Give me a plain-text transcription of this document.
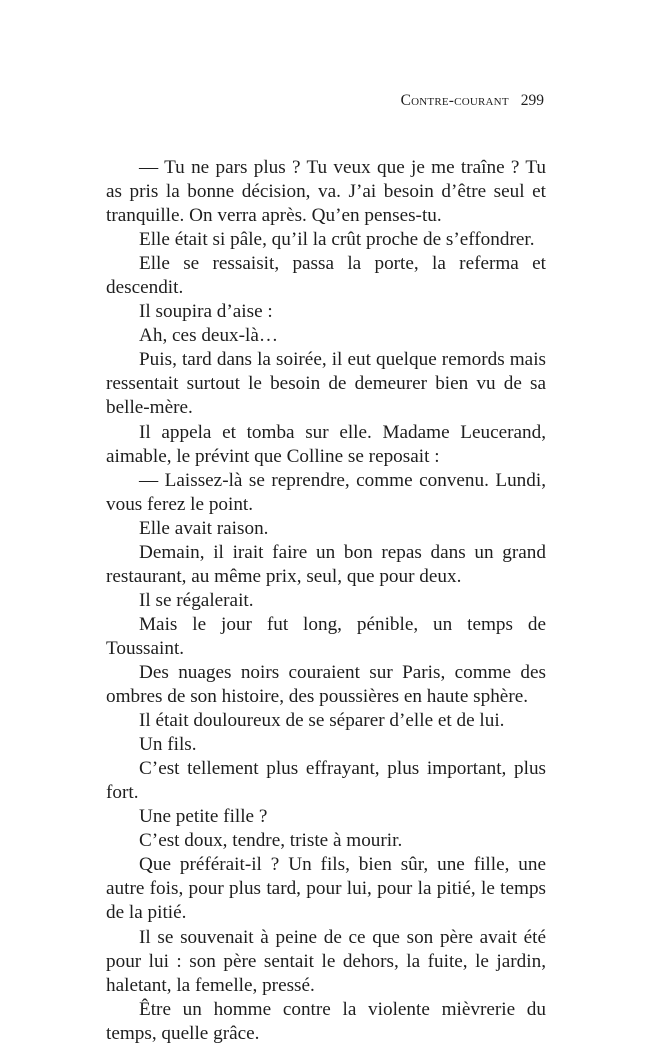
Contre-courant 299

— Tu ne pars plus ? Tu veux que je me traîne ? Tu as pris la bonne décision, va. J’ai besoin d’être seul et tranquille. On verra après. Qu’en penses-tu.

Elle était si pâle, qu’il la crût proche de s’effondrer.

Elle se ressaisit, passa la porte, la referma et descendit.

Il soupira d’aise :

Ah, ces deux-là…

Puis, tard dans la soirée, il eut quelque remords mais ressentait surtout le besoin de demeurer bien vu de sa belle-mère.

Il appela et tomba sur elle. Madame Leucerand, aimable, le prévint que Colline se reposait :

— Laissez-là se reprendre, comme convenu. Lundi, vous ferez le point.

Elle avait raison.

Demain, il irait faire un bon repas dans un grand restaurant, au même prix, seul, que pour deux.

Il se régalerait.

Mais le jour fut long, pénible, un temps de Toussaint.

Des nuages noirs couraient sur Paris, comme des ombres de son histoire, des poussières en haute sphère.

Il était douloureux de se séparer d’elle et de lui.

Un fils.

C’est tellement plus effrayant, plus important, plus fort.

Une petite fille ?

C’est doux, tendre, triste à mourir.

Que préférait-il ? Un fils, bien sûr, une fille, une autre fois, pour plus tard, pour lui, pour la pitié, le temps de la pitié.

Il se souvenait à peine de ce que son père avait été pour lui : son père sentait le dehors, la fuite, le jardin, haletant, la femelle, pressé.

Être un homme contre la violente mièvrerie du temps, quelle grâce.
